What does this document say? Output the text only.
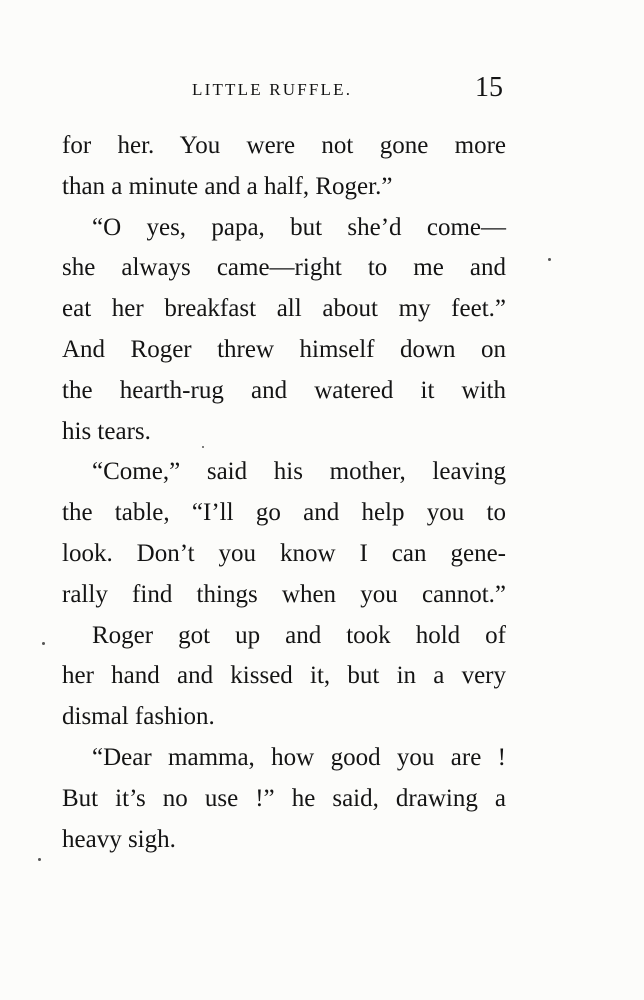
LITTLE RUFFLE.	15
for her. You were not gone more
than a minute and a half, Roger.”
“O yes, papa, but she’d come—
she always came—right to me and
eat her breakfast all about my feet.”
And Roger threw himself down on
the hearth-rug and watered it with
his tears.
“Come,” said his mother, leaving
the table, “I’ll go and help you to
look. Don’t you know I can gene-
rally find things when you cannot.”
Roger got up and took hold of
her hand and kissed it, but in a very
dismal fashion.
“Dear mamma, how good you are !
But it’s no use !” he said, drawing a
heavy sigh.
